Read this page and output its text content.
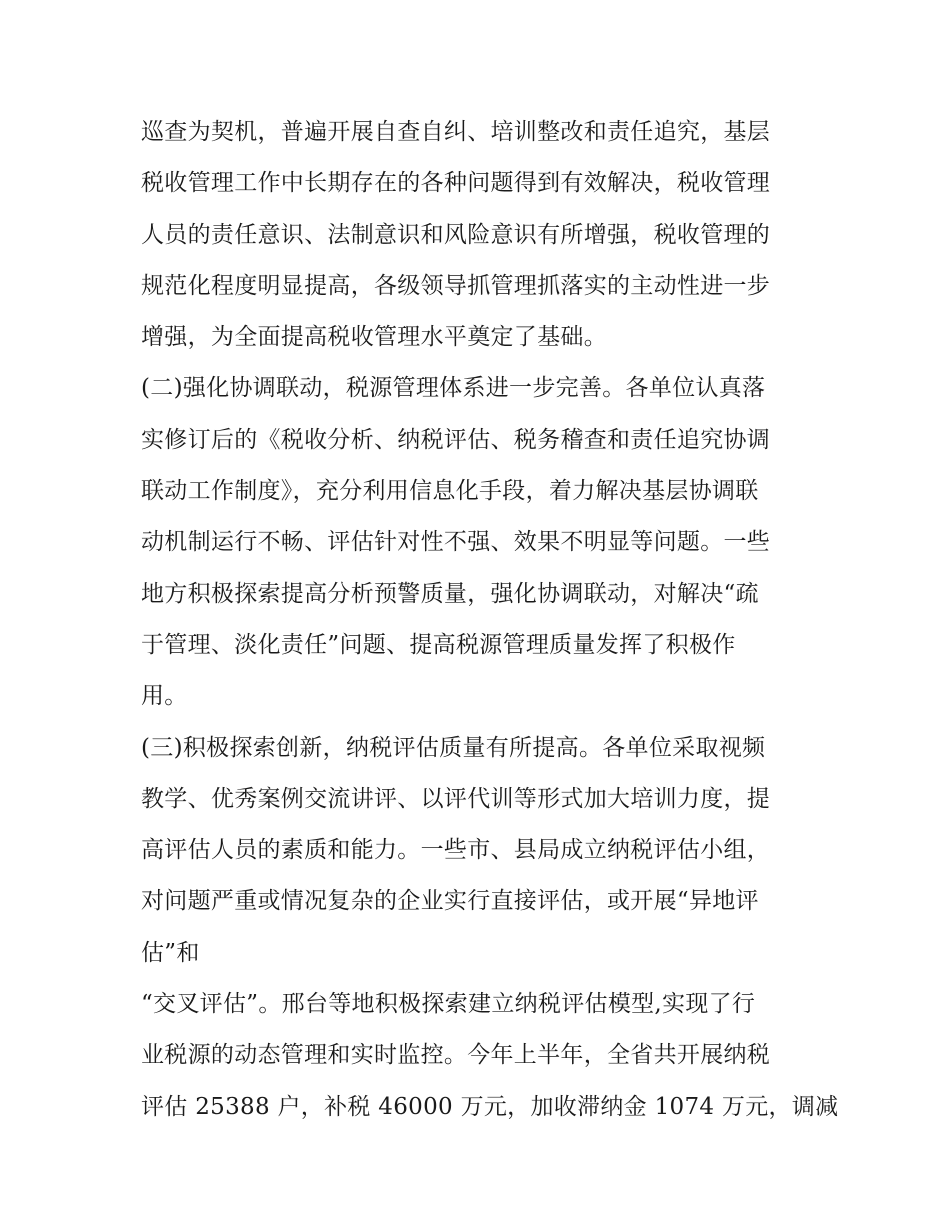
巡查为契机，普遍开展自查自纠、培训整改和责任追究，基层
税收管理工作中长期存在的各种问题得到有效解决，税收管理
人员的责任意识、法制意识和风险意识有所增强，税收管理的
规范化程度明显提高，各级领导抓管理抓落实的主动性进一步
增强，为全面提高税收管理水平奠定了基础。
(二)强化协调联动，税源管理体系进一步完善。各单位认真落
实修订后的《税收分析、纳税评估、税务稽查和责任追究协调
联动工作制度》，充分利用信息化手段，着力解决基层协调联
动机制运行不畅、评估针对性不强、效果不明显等问题。一些
地方积极探索提高分析预警质量，强化协调联动，对解决“疏
于管理、淡化责任”问题、提高税源管理质量发挥了积极作
用。
(三)积极探索创新，纳税评估质量有所提高。各单位采取视频
教学、优秀案例交流讲评、以评代训等形式加大培训力度，提
高评估人员的素质和能力。一些市、县局成立纳税评估小组，
对问题严重或情况复杂的企业实行直接评估，或开展“异地评
估”和
“交叉评估”。邢台等地积极探索建立纳税评估模型,实现了行
业税源的动态管理和实时监控。今年上半年，全省共开展纳税
评估 25388 户，补税 46000 万元，加收滞纳金 1074 万元，调减
